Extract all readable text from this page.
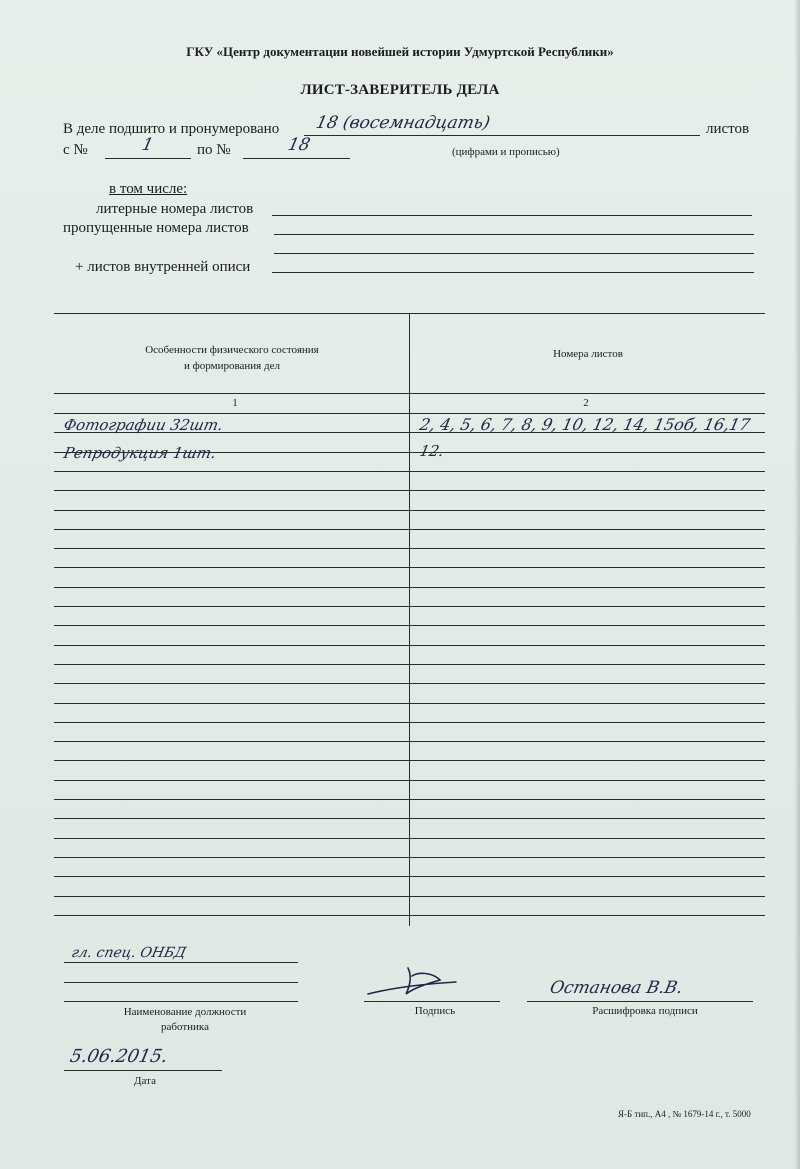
ГКУ «Центр документации новейшей истории Удмуртской Республики»
ЛИСТ-ЗАВЕРИТЕЛЬ ДЕЛА
В деле подшито и пронумеровано 18 (восемнадцать)	листов
с №	1	по №	18	(цифрами и прописью)
в том числе:
литерные номера листов
пропущенные номера листов
+ листов внутренней описи
Особенности физического состояния
и формирования дел
Номера листов
1	2
Фотографии 32шт.	2, 4, 5, 6, 7, 8, 9, 10, 12, 14, 15об, 16,17
Репродукция 1шт.	12.
гл. спец. ОНБД
Наименование должности
работника
Подпись
Останова В.В.
Расшифровка подписи
5.06.2015.
Дата
Я-Б тип., А4 , № 1679-14 г., т. 5000
